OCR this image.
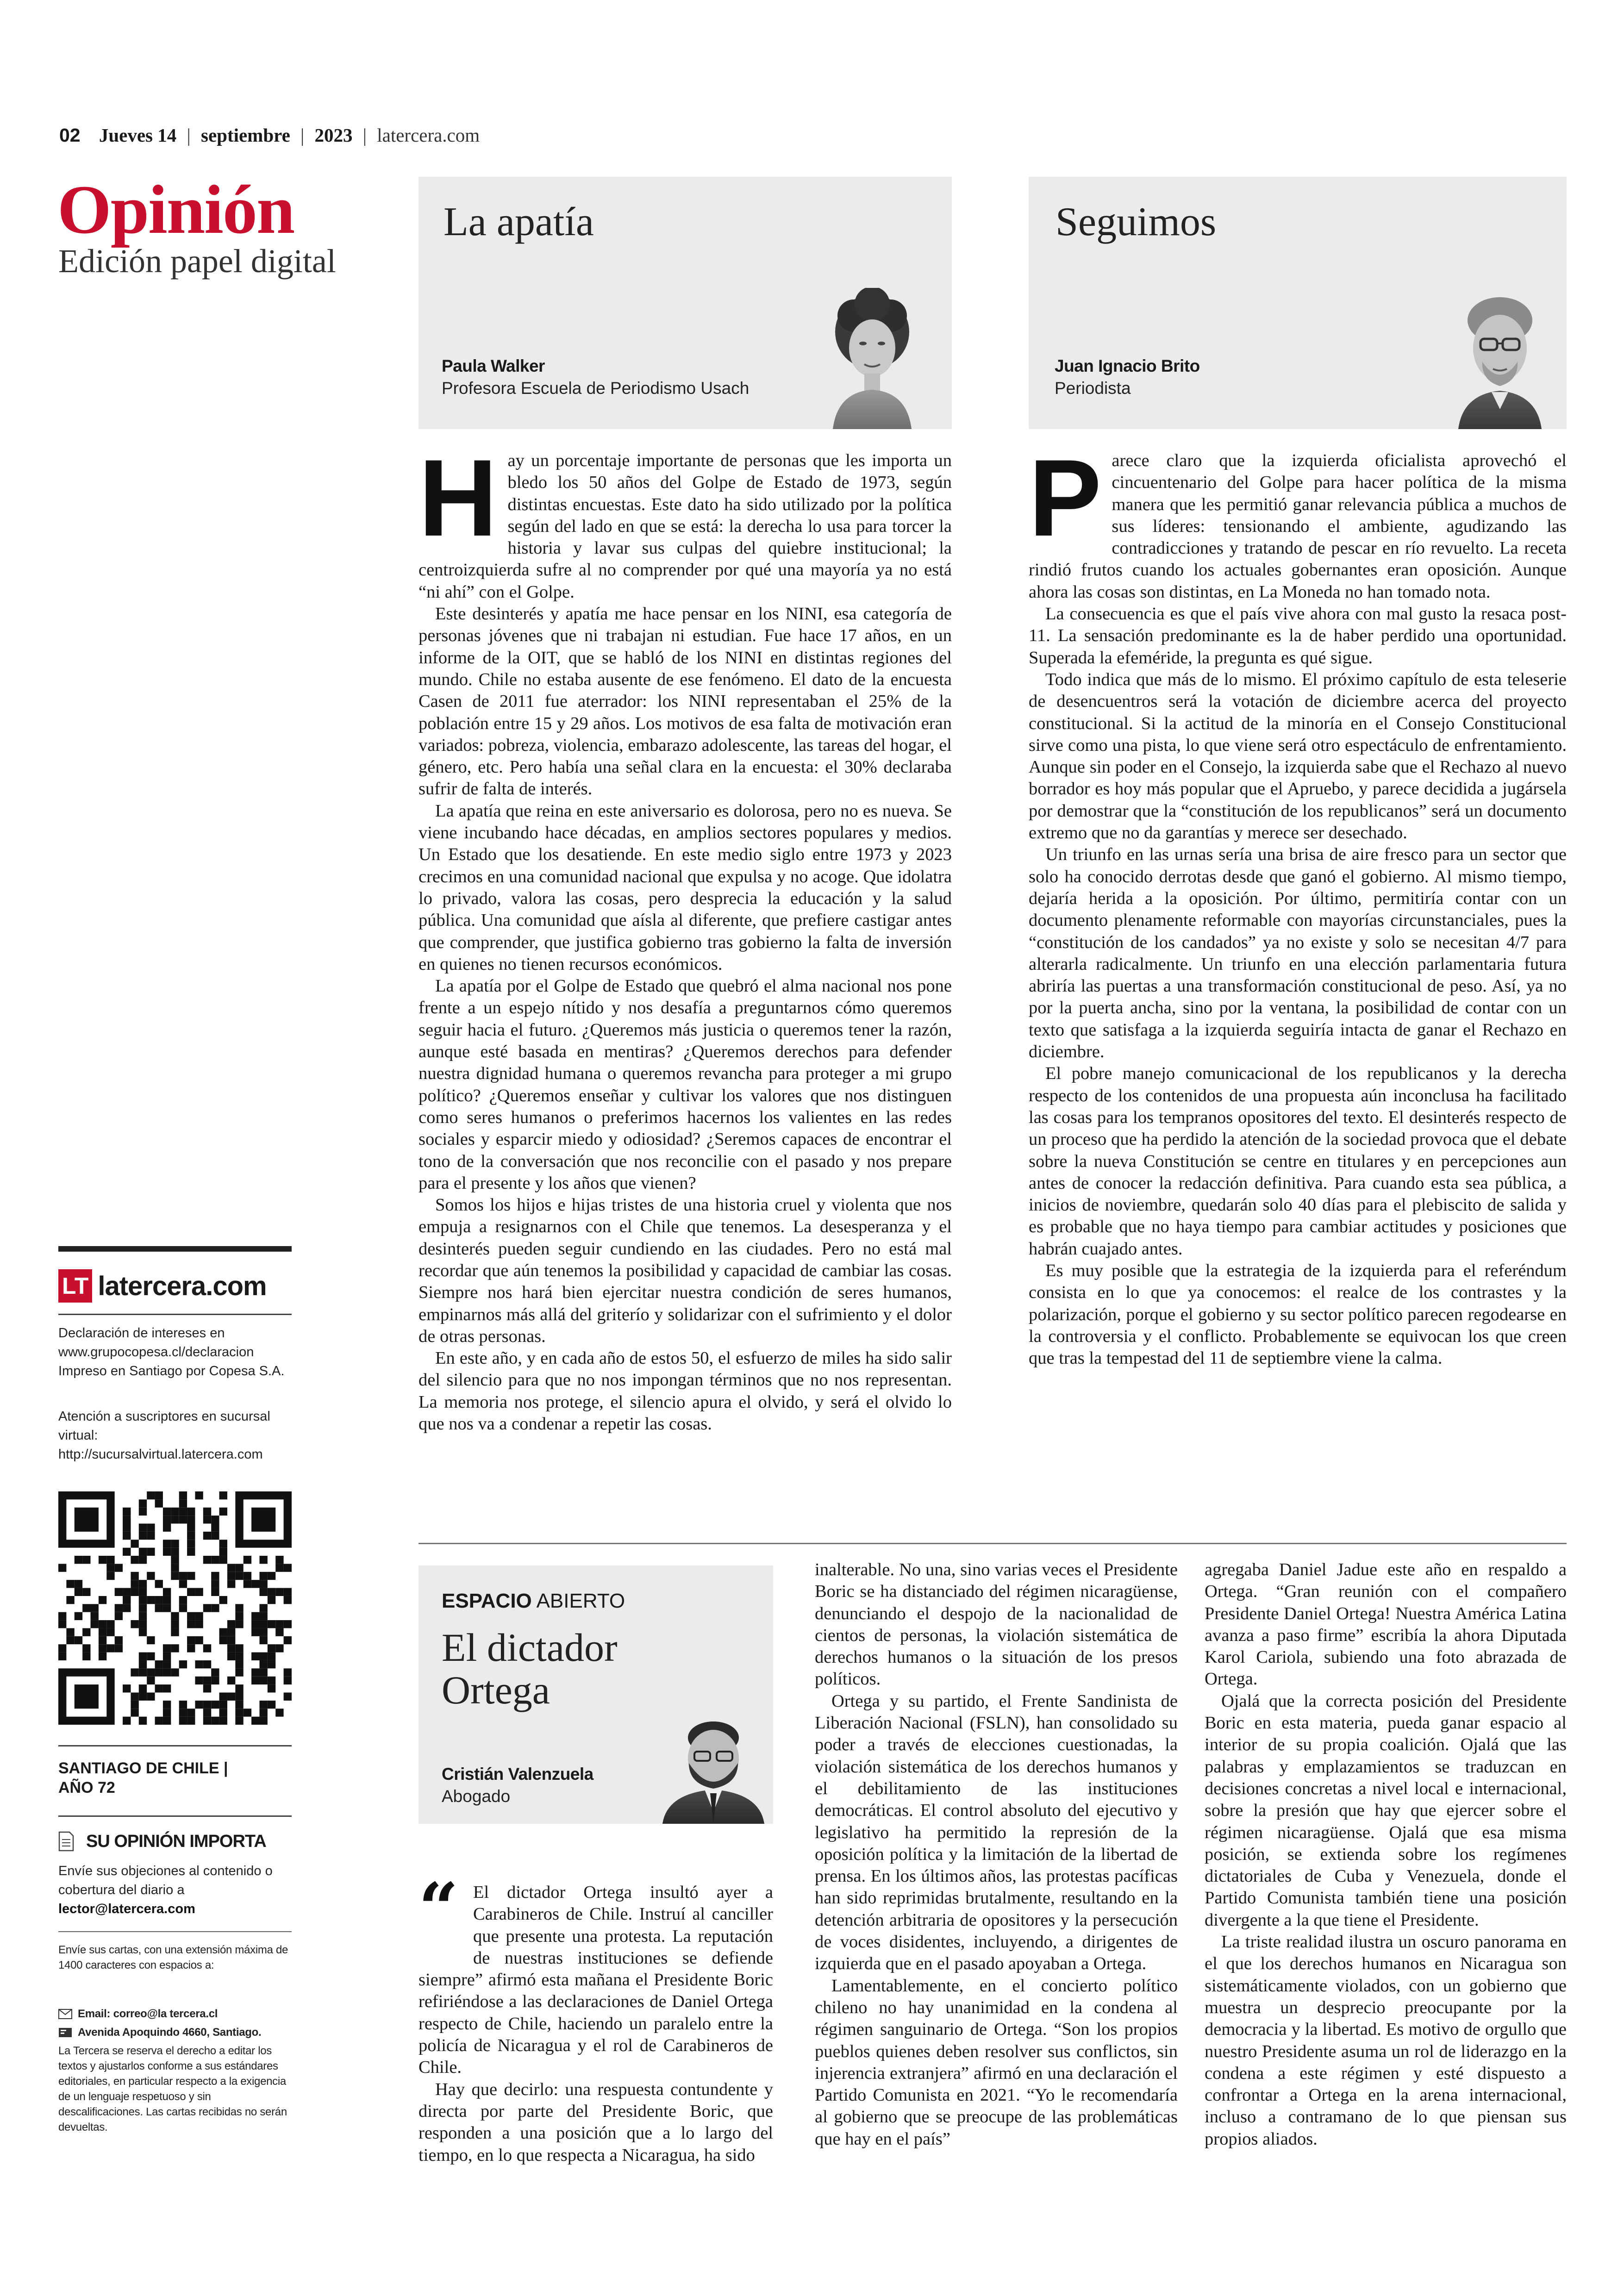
02 Jueves 14 | septiembre | 2023 | latercera.com
Opinión
Edición papel digital
La apatía
Paula Walker
Profesora Escuela de Periodismo Usach
H ay un porcentaje importante de personas que les importa un bledo los 50 años del Golpe de Estado de 1973, según distintas encuestas. Este dato ha sido utilizado por la política según del lado en que se está: la derecha lo usa para torcer la historia y lavar sus culpas del quiebre institucional; la centroizquierda sufre al no comprender por qué una mayoría ya no está “ni ahí” con el Golpe.

Este desinterés y apatía me hace pensar en los NINI, esa categoría de personas jóvenes que ni trabajan ni estudian. Fue hace 17 años, en un informe de la OIT, que se habló de los NINI en distintas regiones del mundo. Chile no estaba ausente de ese fenómeno. El dato de la encuesta Casen de 2011 fue aterrador: los NINI representaban el 25% de la población entre 15 y 29 años. Los motivos de esa falta de motivación eran variados: pobreza, violencia, embarazo adolescente, las tareas del hogar, el género, etc. Pero había una señal clara en la encuesta: el 30% declaraba sufrir de falta de interés.

La apatía que reina en este aniversario es dolorosa, pero no es nueva. Se viene incubando hace décadas, en amplios sectores populares y medios. Un Estado que los desatiende. En este medio siglo entre 1973 y 2023 crecimos en una comunidad nacional que expulsa y no acoge. Que idolatra lo privado, valora las cosas, pero desprecia la educación y la salud pública. Una comunidad que aísla al diferente, que prefiere castigar antes que comprender, que justifica gobierno tras gobierno la falta de inversión en quienes no tienen recursos económicos.

La apatía por el Golpe de Estado que quebró el alma nacional nos pone frente a un espejo nítido y nos desafía a preguntarnos cómo queremos seguir hacia el futuro. ¿Queremos más justicia o queremos tener la razón, aunque esté basada en mentiras? ¿Queremos derechos para defender nuestra dignidad humana o queremos revancha para proteger a mi grupo político? ¿Queremos enseñar y cultivar los valores que nos distinguen como seres humanos o preferimos hacernos los valientes en las redes sociales y esparcir miedo y odiosidad? ¿Seremos capaces de encontrar el tono de la conversación que nos reconcilie con el pasado y nos prepare para el presente y los años que vienen?

Somos los hijos e hijas tristes de una historia cruel y violenta que nos empuja a resignarnos con el Chile que tenemos. La desesperanza y el desinterés pueden seguir cundiendo en las ciudades. Pero no está mal recordar que aún tenemos la posibilidad y capacidad de cambiar las cosas. Siempre nos hará bien ejercitar nuestra condición de seres humanos, empinarnos más allá del griterío y solidarizar con el sufrimiento y el dolor de otras personas.

En este año, y en cada año de estos 50, el esfuerzo de miles ha sido salir del silencio para que no nos impongan términos que no nos representan. La memoria nos protege, el silencio apura el olvido, y será el olvido lo que nos va a condenar a repetir las cosas.

Seguimos
Juan Ignacio Brito
Periodista
P arece claro que la izquierda oficialista aprovechó el cincuentenario del Golpe para hacer política de la misma manera que les permitió ganar relevancia pública a muchos de sus líderes: tensionando el ambiente, agudizando las contradicciones y tratando de pescar en río revuelto. La receta rindió frutos cuando los actuales gobernantes eran oposición. Aunque ahora las cosas son distintas, en La Moneda no han tomado nota.

La consecuencia es que el país vive ahora con mal gusto la resaca post-11. La sensación predominante es la de haber perdido una oportunidad. Superada la efeméride, la pregunta es qué sigue.

Todo indica que más de lo mismo. El próximo capítulo de esta teleserie de desencuentros será la votación de diciembre acerca del proyecto constitucional. Si la actitud de la minoría en el Consejo Constitucional sirve como una pista, lo que viene será otro espectáculo de enfrentamiento. Aunque sin poder en el Consejo, la izquierda sabe que el Rechazo al nuevo borrador es hoy más popular que el Apruebo, y parece decidida a jugársela por demostrar que la “constitución de los republicanos” será un documento extremo que no da garantías y merece ser desechado.

Un triunfo en las urnas sería una brisa de aire fresco para un sector que solo ha conocido derrotas desde que ganó el gobierno. Al mismo tiempo, dejaría herida a la oposición. Por último, permitiría contar con un documento plenamente reformable con mayorías circunstanciales, pues la “constitución de los candados” ya no existe y solo se necesitan 4/7 para alterarla radicalmente. Un triunfo en una elección parlamentaria futura abriría las puertas a una transformación constitucional de peso. Así, ya no por la puerta ancha, sino por la ventana, la posibilidad de contar con un texto que satisfaga a la izquierda seguiría intacta de ganar el Rechazo en diciembre.

El pobre manejo comunicacional de los republicanos y la derecha respecto de los contenidos de una propuesta aún inconclusa ha facilitado las cosas para los tempranos opositores del texto. El desinterés respecto de un proceso que ha perdido la atención de la sociedad provoca que el debate sobre la nueva Constitución se centre en titulares y en percepciones aun antes de conocer la redacción definitiva. Para cuando esta sea pública, a inicios de noviembre, quedarán solo 40 días para el plebiscito de salida y es probable que no haya tiempo para cambiar actitudes y posiciones que habrán cuajado antes.

Es muy posible que la estrategia de la izquierda para el referéndum consista en lo que ya conocemos: el realce de los contrastes y la polarización, porque el gobierno y su sector político parecen regodearse en la controversia y el conflicto. Probablemente se equivocan los que creen que tras la tempestad del 11 de septiembre viene la calma.

ESPACIO ABIERTO
El dictador
Ortega
Cristián Valenzuela
Abogado
“ El dictador Ortega insultó ayer a Carabineros de Chile. Instruí al canciller que presente una protesta. La reputación de nuestras instituciones se defiende siempre” afirmó esta mañana el Presidente Boric refiriéndose a las declaraciones de Daniel Ortega respecto de Chile, haciendo un paralelo entre la policía de Nicaragua y el rol de Carabineros de Chile.

Hay que decirlo: una respuesta contundente y directa por parte del Presidente Boric, que responden a una posición que a lo largo del tiempo, en lo que respecta a Nicaragua, ha sido

inalterable. No una, sino varias veces el Presidente Boric se ha distanciado del régimen nicaragüense, denunciando el despojo de la nacionalidad de cientos de personas, la violación sistemática de derechos humanos o la situación de los presos políticos.

Ortega y su partido, el Frente Sandinista de Liberación Nacional (FSLN), han consolidado su poder a través de elecciones cuestionadas, la violación sistemática de los derechos humanos y el debilitamiento de las instituciones democráticas. El control absoluto del ejecutivo y legislativo ha permitido la represión de la oposición política y la limitación de la libertad de prensa. En los últimos años, las protestas pacíficas han sido reprimidas brutalmente, resultando en la detención arbitraria de opositores y la persecución de voces disidentes, incluyendo, a dirigentes de izquierda que en el pasado apoyaban a Ortega.

Lamentablemente, en el concierto político chileno no hay unanimidad en la condena al régimen sanguinario de Ortega. “Son los propios pueblos quienes deben resolver sus conflictos, sin injerencia extranjera” afirmó en una declaración el Partido Comunista en 2021. “Yo le recomendaría al gobierno que se preocupe de las problemáticas que hay en el país”

agregaba Daniel Jadue este año en respaldo a Ortega. “Gran reunión con el compañero Presidente Daniel Ortega! Nuestra América Latina avanza a paso firme” escribía la ahora Diputada Karol Cariola, subiendo una foto abrazada de Ortega.

Ojalá que la correcta posición del Presidente Boric en esta materia, pueda ganar espacio al interior de su propia coalición. Ojalá que las palabras y emplazamientos se traduzcan en decisiones concretas a nivel local e internacional, sobre la presión que hay que ejercer sobre el régimen nicaragüense. Ojalá que esa misma posición, se extienda sobre los regímenes dictatoriales de Cuba y Venezuela, donde el Partido Comunista también tiene una posición divergente a la que tiene el Presidente.

La triste realidad ilustra un oscuro panorama en el que los derechos humanos en Nicaragua son sistemáticamente violados, con un gobierno que muestra un desprecio preocupante por la democracia y la libertad. Es motivo de orgullo que nuestro Presidente asuma un rol de liderazgo en la condena a este régimen y esté dispuesto a confrontar a Ortega en la arena internacional, incluso a contramano de lo que piensan sus propios aliados.

LT latercera.com
Declaración de intereses en www.grupocopesa.cl/declaracion Impreso en Santiago por Copesa S.A.
Atención a suscriptores en sucursal virtual: http://sucursalvirtual.latercera.com
SANTIAGO DE CHILE |
AÑO 72
SU OPINIÓN IMPORTA
Envíe sus objeciones al contenido o cobertura del diario a
lector@latercera.com
Envíe sus cartas, con una extensión máxima de 1400 caracteres con espacios a:
Email: correo@la tercera.cl
Avenida Apoquindo 4660, Santiago.
La Tercera se reserva el derecho a editar los textos y ajustarlos conforme a sus estándares editoriales, en particular respecto a la exigencia de un lenguaje respetuoso y sin descalificaciones. Las cartas recibidas no serán devueltas.
